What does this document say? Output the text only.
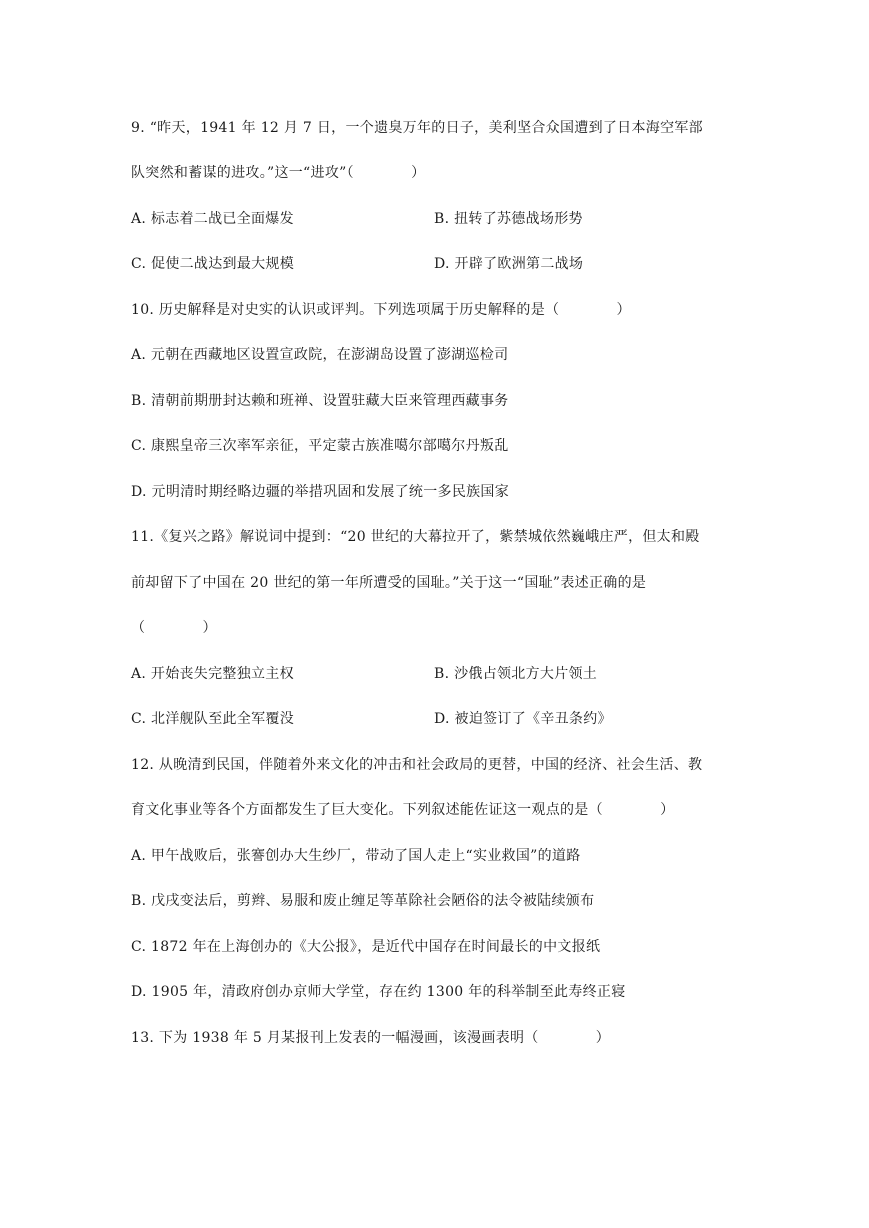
9. “昨天，1941 年 12 月 7 日，一个遗臭万年的日子，美利坚合众国遭到了日本海空军部
队突然和蓄谋的进攻。”这一“进攻”（　　　　）
A. 标志着二战已全面爆发	B. 扭转了苏德战场形势
C. 促使二战达到最大规模	D. 开辟了欧洲第二战场
10. 历史解释是对史实的认识或评判。下列选项属于历史解释的是（　　　　）
A. 元朝在西藏地区设置宣政院，在澎湖岛设置了澎湖巡检司
B. 清朝前期册封达赖和班禅、设置驻藏大臣来管理西藏事务
C. 康熙皇帝三次率军亲征，平定蒙古族准噶尔部噶尔丹叛乱
D. 元明清时期经略边疆的举措巩固和发展了统一多民族国家
11.《复兴之路》解说词中提到：“20 世纪的大幕拉开了，紫禁城依然巍峨庄严，但太和殿
前却留下了中国在 20 世纪的第一年所遭受的国耻。”关于这一“国耻”表述正确的是
（　　　　）
A. 开始丧失完整独立主权	B. 沙俄占领北方大片领土
C. 北洋舰队至此全军覆没	D. 被迫签订了《辛丑条约》
12. 从晚清到民国，伴随着外来文化的冲击和社会政局的更替，中国的经济、社会生活、教
育文化事业等各个方面都发生了巨大变化。下列叙述能佐证这一观点的是（　　　　）
A. 甲午战败后，张謇创办大生纱厂，带动了国人走上“实业救国”的道路
B. 戊戌变法后，剪辫、易服和废止缠足等革除社会陋俗的法令被陆续颁布
C. 1872 年在上海创办的《大公报》，是近代中国存在时间最长的中文报纸
D. 1905 年，清政府创办京师大学堂，存在约 1300 年的科举制至此寿终正寝
13. 下为 1938 年 5 月某报刊上发表的一幅漫画，该漫画表明（　　　　）
